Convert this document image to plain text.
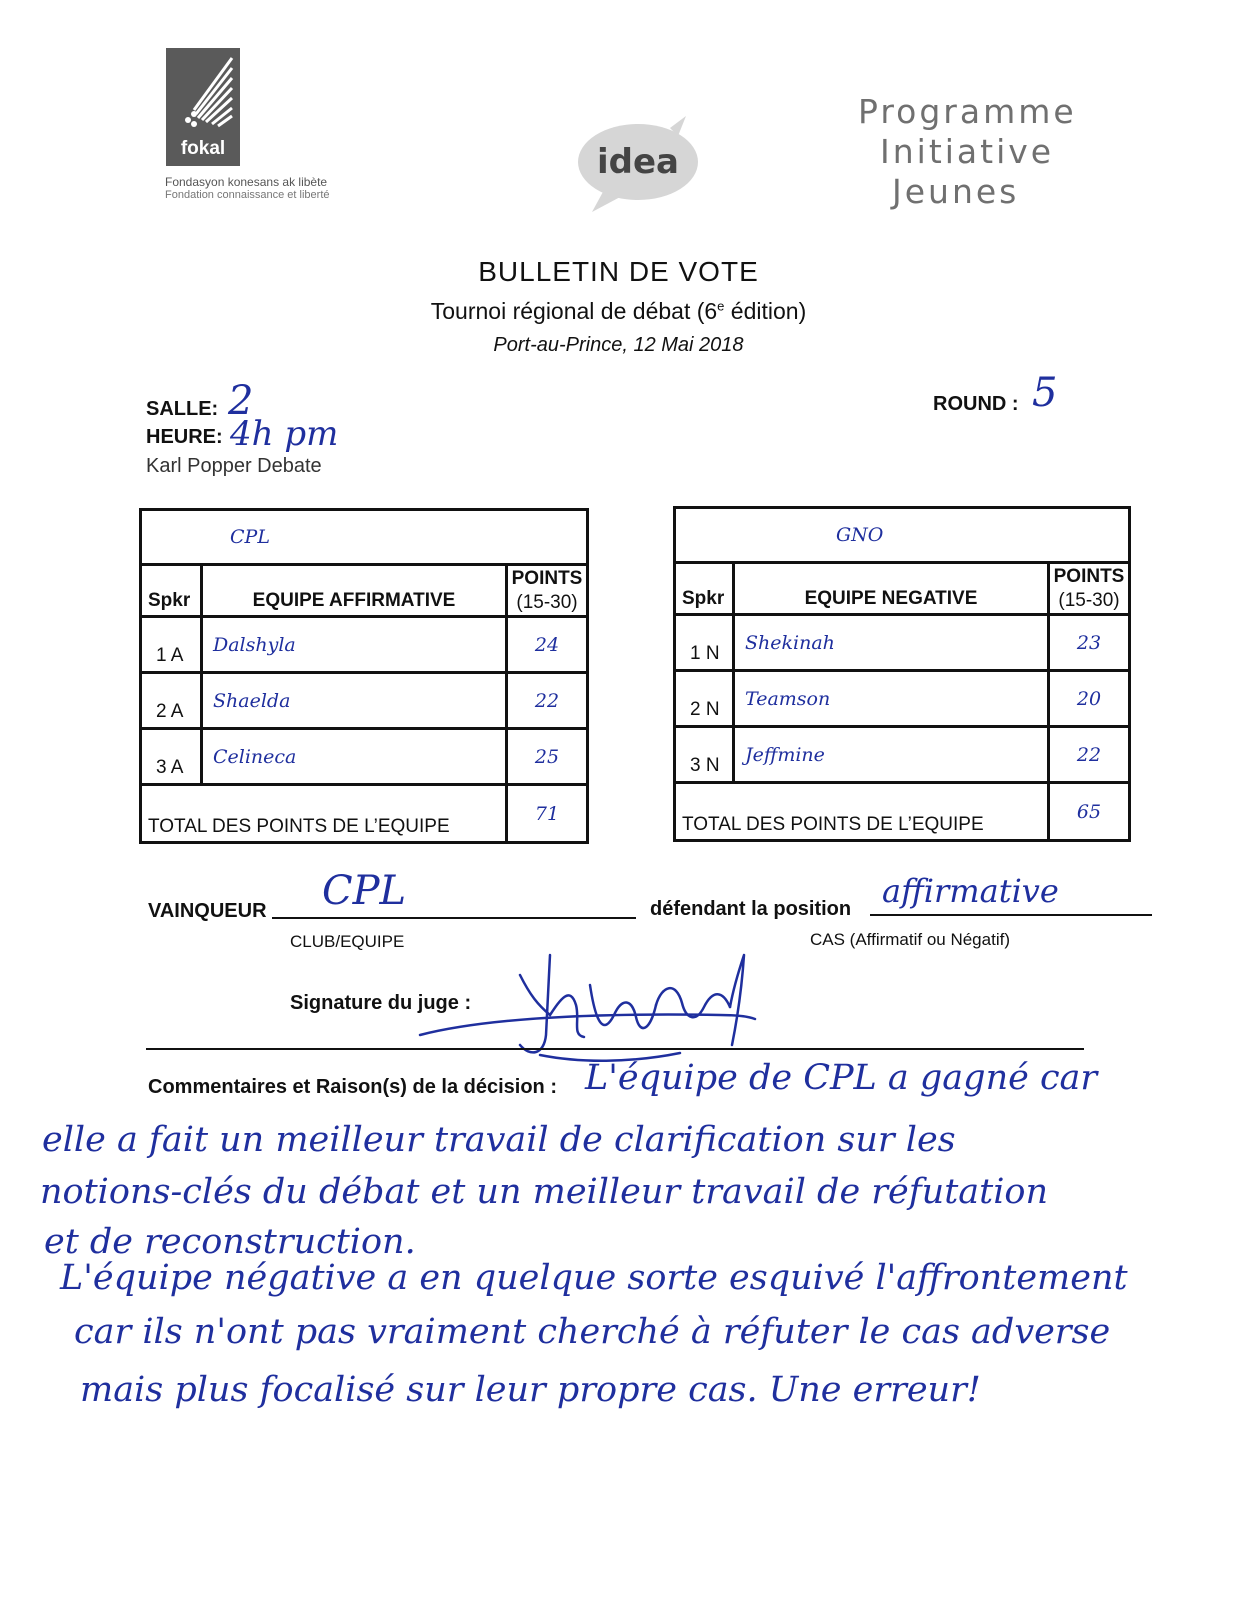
fokal
Fondasyon konesans ak libète
Fondation connaissance et liberté
idea
Programme
Initiative
Jeunes
BULLETIN DE VOTE
Tournoi régional de débat (6e édition)
Port-au-Prince, 12 Mai 2018
SALLE: 2
HEURE: 4h pm
Karl Popper Debate
ROUND : 5
CPL		
Spkr	EQUIPE AFFIRMATIVE	POINTS
(15-30)
1 A	Dalshyla	24
2 A	Shaelda	22
3 A	Celineca	25
TOTAL DES POINTS DE L’EQUIPE		71
GNO		
Spkr	EQUIPE NEGATIVE	POINTS
(15-30)
1 N	Shekinah	23
2 N	Teamson	20
3 N	Jeffmine	22
TOTAL DES POINTS DE L’EQUIPE		65
VAINQUEUR CPL
CLUB/EQUIPE
défendant la position affirmative
CAS (Affirmatif ou Négatif)
Signature du juge :
Commentaires et Raison(s) de la décision : L'équipe de CPL a gagné car
elle a fait un meilleur travail de clarification sur les
notions-clés du débat et un meilleur travail de réfutation
et de reconstruction.
L'équipe négative a en quelque sorte esquivé l'affrontement
car ils n'ont pas vraiment cherché à réfuter le cas adverse
mais plus focalisé sur leur propre cas. Une erreur!
